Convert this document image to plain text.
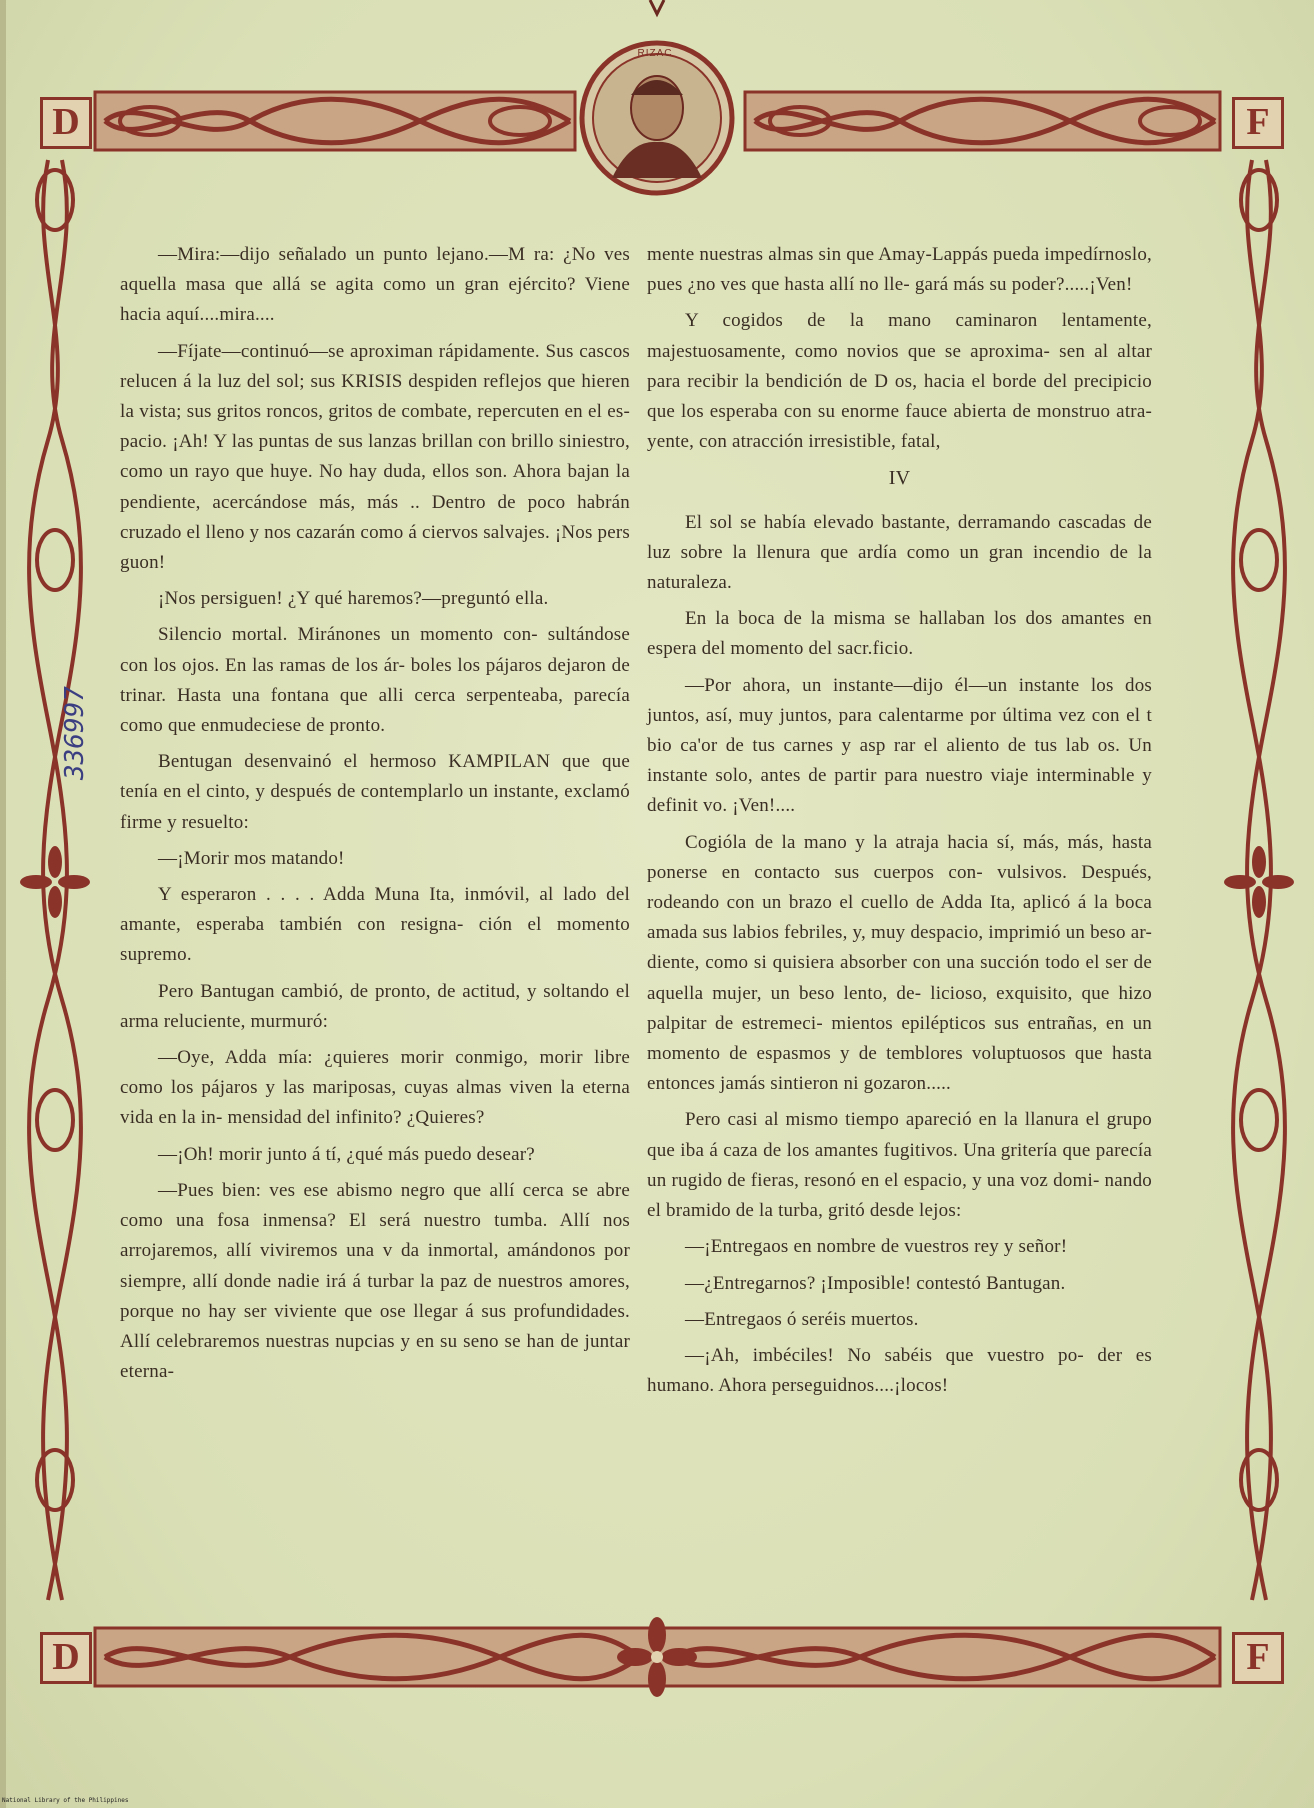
RIZAC
D	F
D	F
336997

—Mira:—dijo señalado un punto lejano.—M ra: ¿No ves aquella masa que allá se agita como un gran ejército? Viene hacia aquí....mira....

—Fíjate—continuó—se aproximan rápidamente. Sus cascos relucen á la luz del sol; sus KRISIS despiden reflejos que hieren la vista; sus gritos roncos, gritos de combate, repercuten en el es- pacio. ¡Ah! Y las puntas de sus lanzas brillan con brillo siniestro, como un rayo que huye. No hay duda, ellos son. Ahora bajan la pendiente, acercándose más, más .. Dentro de poco habrán cruzado el lleno y nos cazarán como á ciervos salvajes. ¡Nos pers guon!

¡Nos persiguen! ¿Y qué haremos?—preguntó ella.

Silencio mortal. Miránones un momento con- sultándose con los ojos. En las ramas de los ár- boles los pájaros dejaron de trinar. Hasta una fontana que alli cerca serpenteaba, parecía como que enmudeciese de pronto.

Bentugan desenvainó el hermoso KAMPILAN que que tenía en el cinto, y después de contemplarlo un instante, exclamó firme y resuelto:

—¡Morir mos matando!

Y esperaron . . . . Adda Muna Ita, inmóvil, al lado del amante, esperaba también con resigna- ción el momento supremo.

Pero Bantugan cambió, de pronto, de actitud, y soltando el arma reluciente, murmuró:

—Oye, Adda mía: ¿quieres morir conmigo, morir libre como los pájaros y las mariposas, cuyas almas viven la eterna vida en la in- mensidad del infinito? ¿Quieres?

—¡Oh! morir junto á tí, ¿qué más puedo desear?

—Pues bien: ves ese abismo negro que allí cerca se abre como una fosa inmensa? El será nuestro tumba. Allí nos arrojaremos, allí viviremos una v da inmortal, amándonos por siempre, allí donde nadie irá á turbar la paz de nuestros amores, porque no hay ser viviente que ose llegar á sus profundidades. Allí celebraremos nuestras nupcias y en su seno se han de juntar eterna-

mente nuestras almas sin que Amay-Lappás pueda impedírnoslo, pues ¿no ves que hasta allí no lle- gará más su poder?.....¡Ven!

Y cogidos de la mano caminaron lentamente, majestuosamente, como novios que se aproxima- sen al altar para recibir la bendición de D os, hacia el borde del precipicio que los esperaba con su enorme fauce abierta de monstruo atra- yente, con atracción irresistible, fatal,

IV

El sol se había elevado bastante, derramando cascadas de luz sobre la llenura que ardía como un gran incendio de la naturaleza.

En la boca de la misma se hallaban los dos amantes en espera del momento del sacr.ficio.

—Por ahora, un instante—dijo él—un instante los dos juntos, así, muy juntos, para calentarme por última vez con el t bio ca'or de tus carnes y asp rar el aliento de tus lab os. Un instante solo, antes de partir para nuestro viaje interminable y definit vo. ¡Ven!....

Cogióla de la mano y la atraja hacia sí, más, más, hasta ponerse en contacto sus cuerpos con- vulsivos. Después, rodeando con un brazo el cuello de Adda Ita, aplicó á la boca amada sus labios febriles, y, muy despacio, imprimió un beso ar- diente, como si quisiera absorber con una succión todo el ser de aquella mujer, un beso lento, de- licioso, exquisito, que hizo palpitar de estremeci- mientos epilépticos sus entrañas, en un momento de espasmos y de temblores voluptuosos que hasta entonces jamás sintieron ni gozaron.....

Pero casi al mismo tiempo apareció en la llanura el grupo que iba á caza de los amantes fugitivos. Una gritería que parecía un rugido de fieras, resonó en el espacio, y una voz domi- nando el bramido de la turba, gritó desde lejos:

—¡Entregaos en nombre de vuestros rey y señor!

—¿Entregarnos? ¡Imposible! contestó Bantugan.

—Entregaos ó seréis muertos.

—¡Ah, imbéciles! No sabéis que vuestro po- der es humano. Ahora perseguidnos....¡locos!

National Library of the Philippines
